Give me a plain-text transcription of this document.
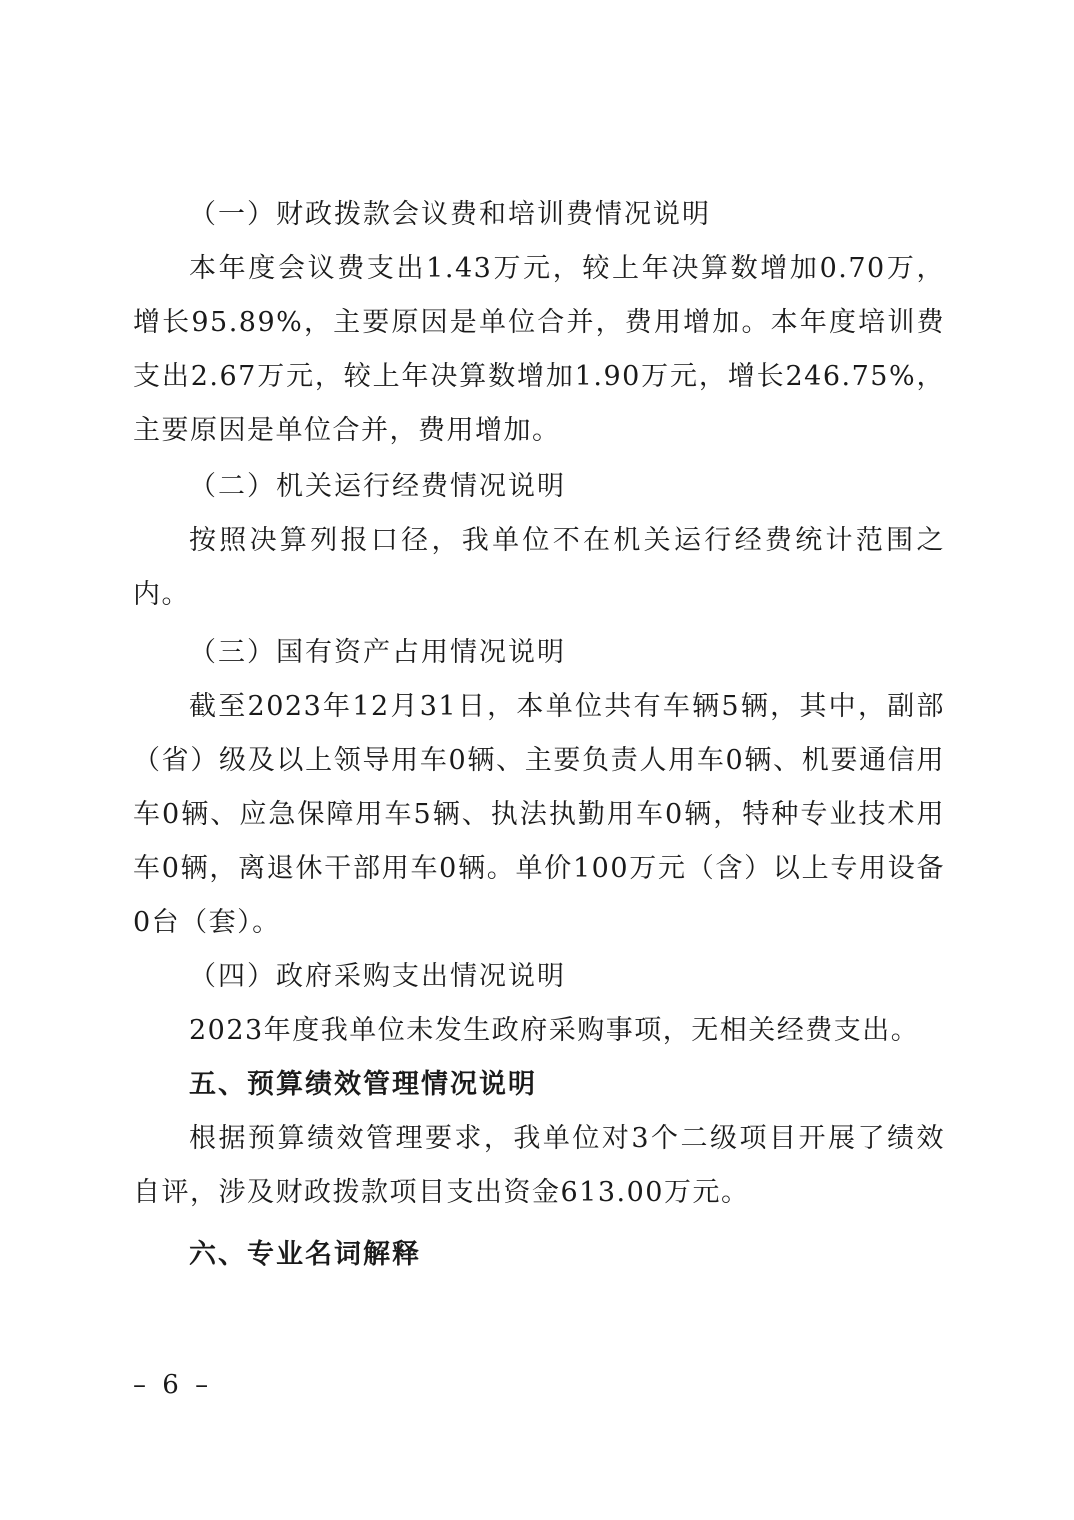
（一）财政拨款会议费和培训费情况说明

本年度会议费支出1.43万元，较上年决算数增加0.70万，增长95.89%，主要原因是单位合并，费用增加。本年度培训费支出2.67万元，较上年决算数增加1.90万元，增长246.75%，主要原因是单位合并，费用增加。

（二）机关运行经费情况说明

按照决算列报口径，我单位不在机关运行经费统计范围之内。

（三）国有资产占用情况说明

截至2023年12月31日，本单位共有车辆5辆，其中，副部（省）级及以上领导用车0辆、主要负责人用车0辆、机要通信用车0辆、应急保障用车5辆、执法执勤用车0辆，特种专业技术用车0辆，离退休干部用车0辆。单价100万元（含）以上专用设备0台（套）。

（四）政府采购支出情况说明

2023年度我单位未发生政府采购事项，无相关经费支出。

五、预算绩效管理情况说明

根据预算绩效管理要求，我单位对3个二级项目开展了绩效自评，涉及财政拨款项目支出资金613.00万元。

六、专业名词解释
– 6 –
